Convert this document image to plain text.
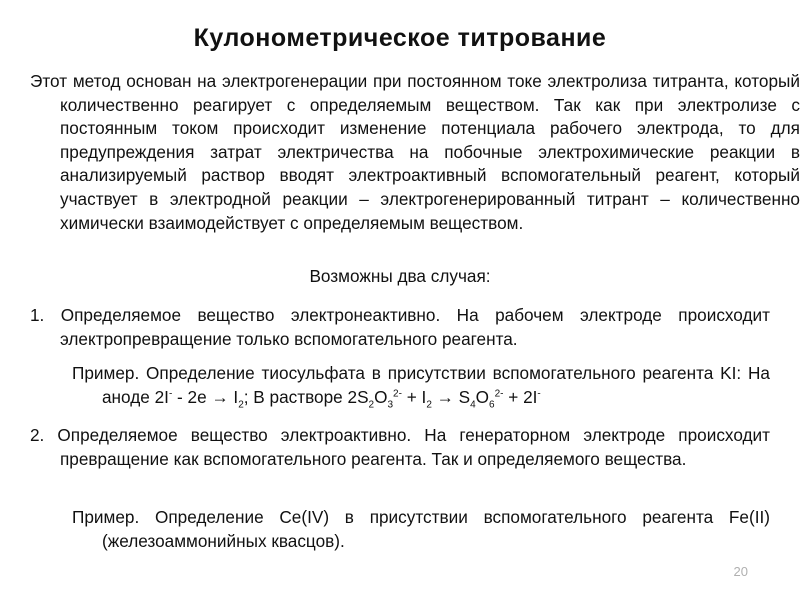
Кулонометрическое титрование

Этот метод основан на электрогенерации при постоянном токе электролиза титранта, который количественно реагирует с определяемым веществом. Так как при электролизе с постоянным током происходит изменение потенциала рабочего электрода, то для предупреждения затрат электричества на побочные электрохимические реакции в анализируемый раствор вводят электроактивный вспомогательный реагент, который участвует в электродной реакции – электрогенерированный титрант – количественно химически взаимодействует с определяемым веществом.

Возможны два случая:
1. Определяемое вещество электронеактивно. На рабочем электроде происходит электропревращение только вспомогательного реагента.
Пример. Определение тиосульфата в присутствии вспомогательного реагента KI: На аноде $2I^- - 2e \to I_2$; В растворе $2S_2O_3^{2-} + I_2 \to S_4O_6^{2-} + 2I^-$
2. Определяемое вещество электроактивно. На генераторном электроде происходит превращение как вспомогательного реагента. Так и определяемого вещества.
Пример. Определение Ce(IV) в присутствии вспомогательного реагента Fe(II) (железоаммонийных квасцов).
20
